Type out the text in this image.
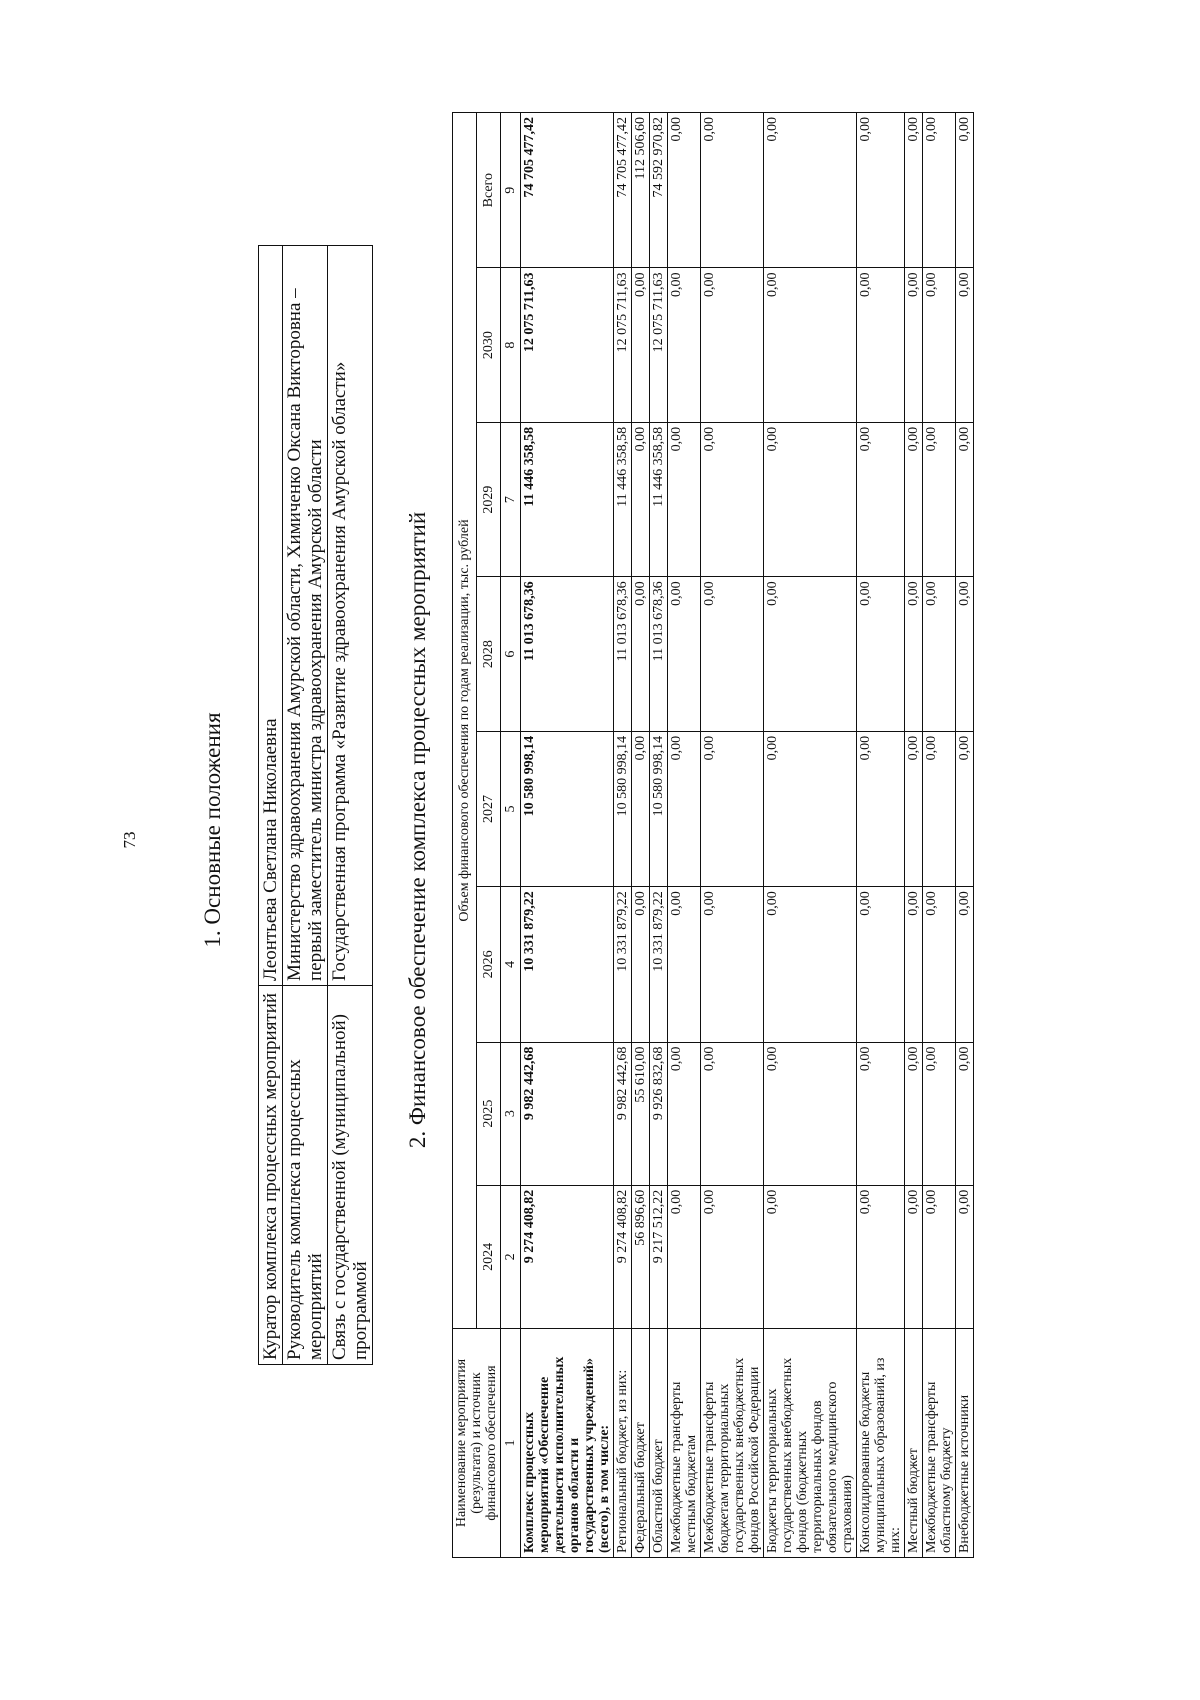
73	1. Основные положения
Куратор комплекса процессных мероприятий	Леонтьева Светлана Николаевна
Руководитель комплекса процессных мероприятий	Министерство здравоохранения Амурской области, Химиченко Оксана Викторовна – первый заместитель министра здравоохранения Амурской области
Связь с государственной (муниципальной) программой	Государственная программа «Развитие здравоохранения Амурской области» 2. Финансовое обеспечение комплекса процессных мероприятий
Наименование мероприятия (результата) и источник финансового обеспечения	Объем финансового обеспечения по годам реализации, тыс. рублей							
	2024	2025	2026	2027	2028	2029	2030	Всего
1	2	3	4	5	6	7	8	9
Комплекс процессных мероприятий «Обеспечение деятельности исполнительных органов области и государственных учреждений» (всего), в том числе:	9 274 408,82	9 982 442,68	10 331 879,22	10 580 998,14	11 013 678,36	11 446 358,58	12 075 711,63	74 705 477,42
Региональный бюджет, из них:	9 274 408,82	9 982 442,68	10 331 879,22	10 580 998,14	11 013 678,36	11 446 358,58	12 075 711,63	74 705 477,42
Федеральный бюджет	56 896,60	55 610,00	0,00	0,00	0,00	0,00	0,00	112 506,60
Областной бюджет	9 217 512,22	9 926 832,68	10 331 879,22	10 580 998,14	11 013 678,36	11 446 358,58	12 075 711,63	74 592 970,82
Межбюджетные трансферты местным бюджетам	0,00	0,00	0,00	0,00	0,00	0,00	0,00	0,00
Межбюджетные трансферты бюджетам территориальных государственных внебюджетных фондов Российской Федерации	0,00	0,00	0,00	0,00	0,00	0,00	0,00	0,00
Бюджеты территориальных государственных внебюджетных фондов (бюджетных территориальных фондов обязательного медицинского страхования)	0,00	0,00	0,00	0,00	0,00	0,00	0,00	0,00
Консолидированные бюджеты муниципальных образований, из них:	0,00	0,00	0,00	0,00	0,00	0,00	0,00	0,00
Местный бюджет	0,00	0,00	0,00	0,00	0,00	0,00	0,00	0,00
Межбюджетные трансферты областному бюджету	0,00	0,00	0,00	0,00	0,00	0,00	0,00	0,00
Внебюджетные источники	0,00	0,00	0,00	0,00	0,00	0,00	0,00	0,00
